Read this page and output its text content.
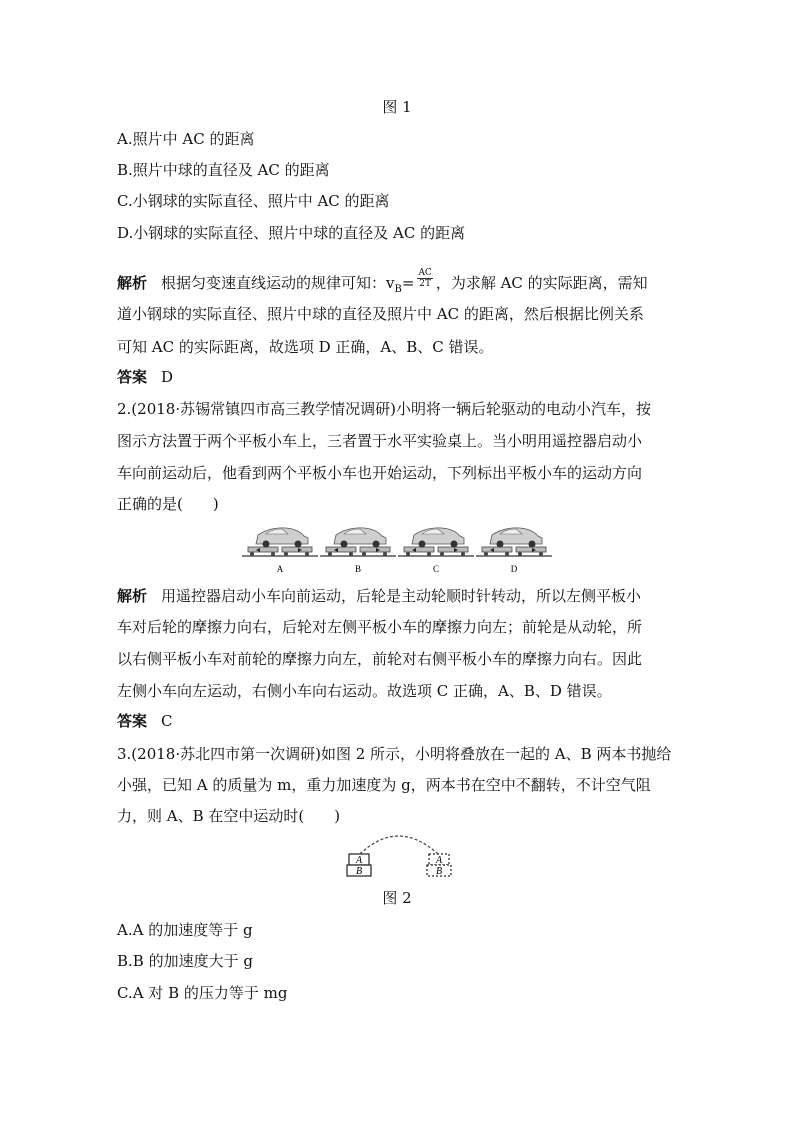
图 1
A.照片中 AC 的距离
B.照片中球的直径及 AC 的距离
C.小钢球的实际直径、照片中 AC 的距离
D.小钢球的实际直径、照片中球的直径及 AC 的距离
解析 根据匀变速直线运动的规律可知：$v_B= \frac{AC}{2T}$ ，为求解 AC 的实际距离，需知
道小钢球的实际直径、照片中球的直径及照片中 AC 的距离，然后根据比例关系
可知 AC 的实际距离，故选项 D 正确，A、B、C 错误。
答案 D
2.(2018·苏锡常镇四市高三教学情况调研)小明将一辆后轮驱动的电动小汽车，按
图示方法置于两个平板小车上，三者置于水平实验桌上。当小明用遥控器启动小
车向前运动后，他看到两个平板小车也开始运动，下列标出平板小车的运动方向
正确的是(　　)
A	B	C	D
解析 用遥控器启动小车向前运动，后轮是主动轮顺时针转动，所以左侧平板小
车对后轮的摩擦力向右，后轮对左侧平板小车的摩擦力向左；前轮是从动轮，所
以右侧平板小车对前轮的摩擦力向左，前轮对右侧平板小车的摩擦力向右。因此
左侧小车向左运动，右侧小车向右运动。故选项 C 正确，A、B、D 错误。
答案 C
3.(2018·苏北四市第一次调研)如图 2 所示，小明将叠放在一起的 A、B 两本书抛给
小强，已知 A 的质量为 m，重力加速度为 g，两本书在空中不翻转，不计空气阻
力，则 A、B 在空中运动时(　　)
A
B
A
B
图 2
A.A 的加速度等于 g
B.B 的加速度大于 g
C.A 对 B 的压力等于 mg
